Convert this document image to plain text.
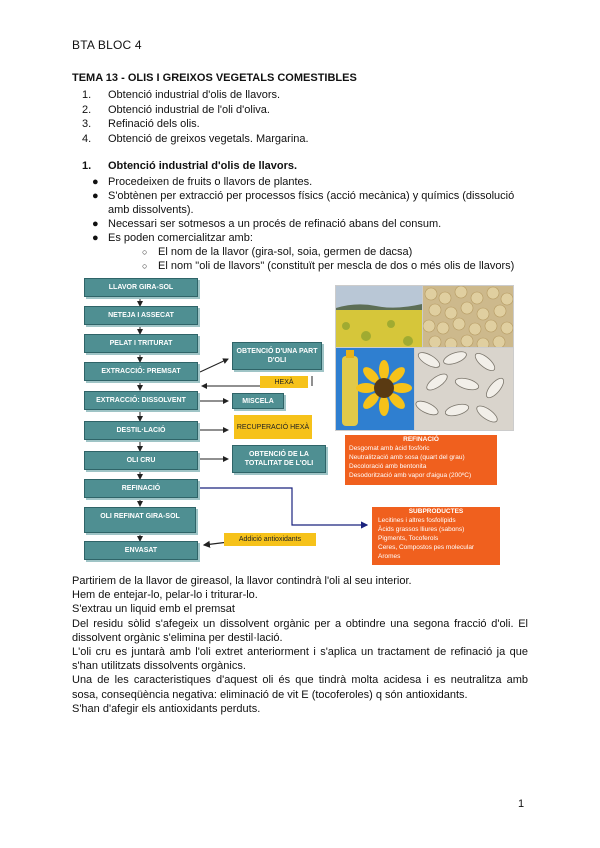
BTA BLOC 4
TEMA 13 - OLIS I GREIXOS VEGETALS COMESTIBLES
1. Obtenció industrial d'olis de llavors.
2. Obtenció industrial de l'oli d'oliva.
3. Refinació dels olis.
4. Obtenció de greixos vegetals. Margarina.
1. Obtenció industrial d'olis de llavors.
● Procedeixen de fruits o llavors de plantes.
● S'obtènen per extracció per processos físics (acció mecànica) y químics (dissolució amb dissolvents).
● Necessari ser sotmesos a un procés de refinació abans del consum.
● Es poden comercialitzar amb:
○ El nom de la llavor (gira-sol, soia, germen de dacsa)
○ El nom "oli de llavors" (constituït per mescla de dos o més olis de llavors)
LLAVOR GIRA-SOL
NETEJA I ASSECAT
PELAT I TRITURAT
EXTRACCIÓ: PREMSAT
EXTRACCIÓ: DISSOLVENT
DESTIL·LACIÓ
OLI CRU
REFINACIÓ
OLI REFINAT GIRA-SOL
ENVASAT
OBTENCIÓ D'UNA PART D'OLI
HEXÀ
MISCELA
RECUPERACIÓ HEXÀ
OBTENCIÓ DE LA TOTALITAT DE L'OLI
Addició antioxidants
REFINACIÓ
Desgomat amb àcid fosfòric
Neutralització amb sosa (quart del grau)
Decoloració amb bentonita
Desodorització amb vapor d'aigua (200ºC)
SUBPRODUCTES
Lecitines i altres fosfolípids
Àcids grassos lliures (sabons)
Pigments, Tocoferols
Ceres, Compostos pes molecular
Aromes

Partiriem de la llavor de gireasol, la llavor contindrà l'oli al seu interior.

Hem de entejar-lo, pelar-lo i triturar-lo.

S'extrau un liquid emb el premsat

Del residu sòlid s'afegeix un dissolvent orgànic per a obtindre una segona fracció d'oli. El dissolvent orgànic s'elimina per destil·lació.

L'oli cru es juntarà amb l'oli extret anteriorment i s'aplica un tractament de refinació ja que s'han utilitzats dissolvents orgànics.

Una de les caracteristiques d'aquest oli és que tindrà molta acidesa i es neutralitza amb sosa, conseqüència negativa: eliminació de vit E (tocoferoles) q són antioxidants.

S'han d'afegir els antioxidants perduts.

1
